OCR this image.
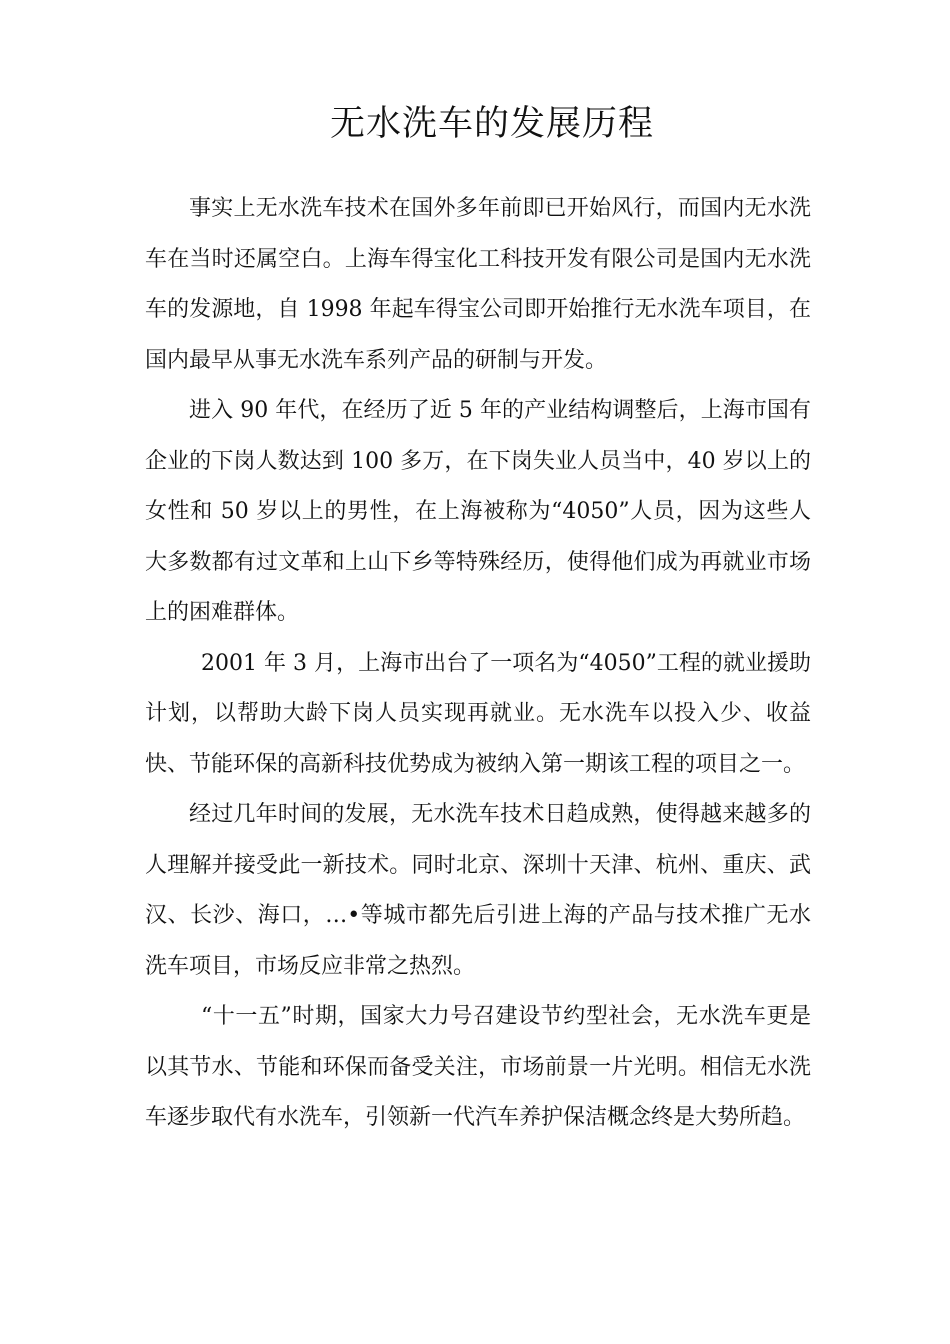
无水洗车的发展历程

事实上无水洗车技术在国外多年前即已开始风行，而国内无水洗车在当时还属空白。上海车得宝化工科技开发有限公司是国内无水洗车的发源地，自 1998 年起车得宝公司即开始推行无水洗车项目，在国内最早从事无水洗车系列产品的研制与开发。

进入 90 年代，在经历了近 5 年的产业结构调整后，上海市国有企业的下岗人数达到 100 多万，在下岗失业人员当中，40 岁以上的女性和 50 岁以上的男性，在上海被称为“4050”人员，因为这些人大多数都有过文革和上山下乡等特殊经历，使得他们成为再就业市场上的困难群体。

2001 年 3 月，上海市出台了一项名为“4050”工程的就业援助计划，以帮助大龄下岗人员实现再就业。无水洗车以投入少、收益快、节能环保的高新科技优势成为被纳入第一期该工程的项目之一。

经过几年时间的发展，无水洗车技术日趋成熟，使得越来越多的人理解并接受此一新技术。同时北京、深圳十天津、杭州、重庆、武汉、长沙、海口，…•等城市都先后引进上海的产品与技术推广无水洗车项目，市场反应非常之热烈。

“十一五”时期，国家大力号召建设节约型社会，无水洗车更是以其节水、节能和环保而备受关注，市场前景一片光明。相信无水洗车逐步取代有水洗车，引领新一代汽车养护保洁概念终是大势所趋。
